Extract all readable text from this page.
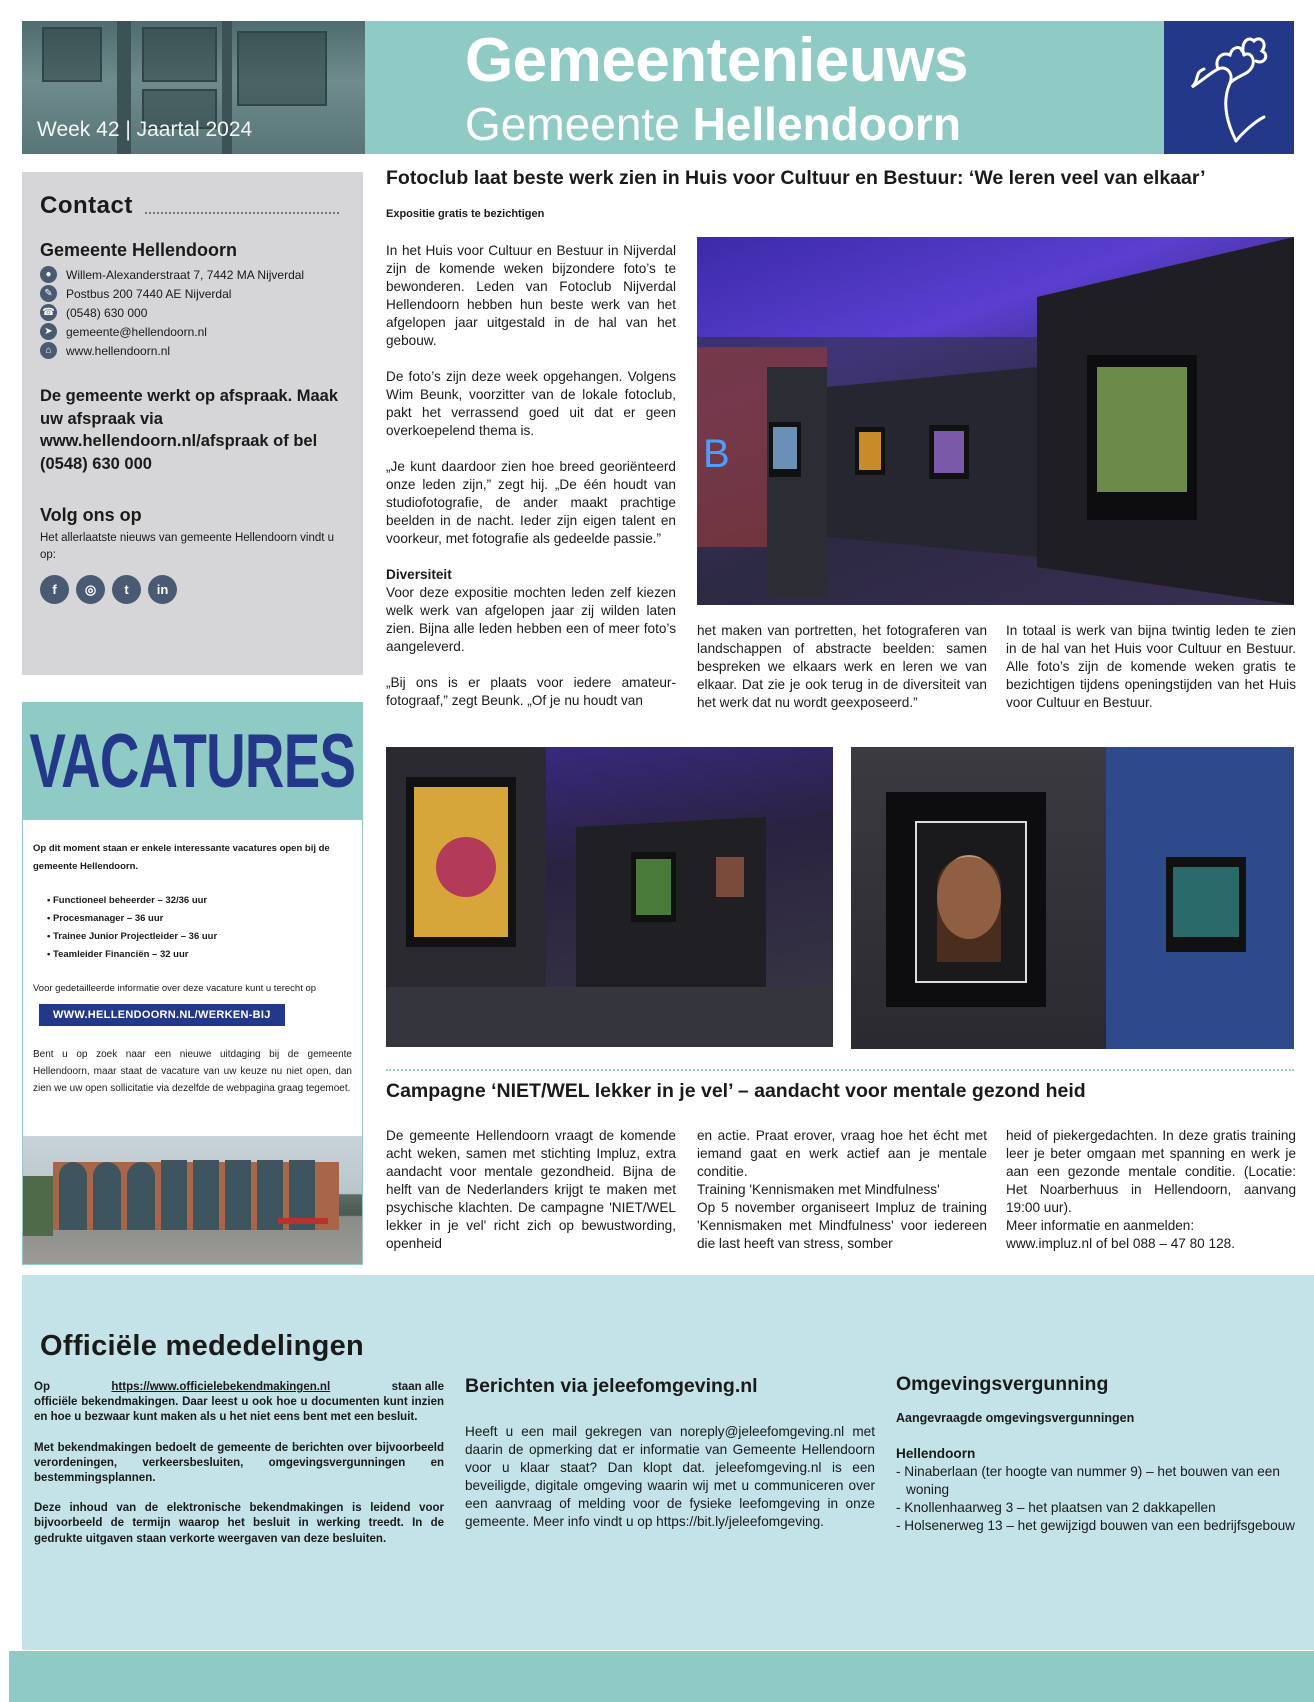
Week 42 | Jaartal 2024
Gemeentenieuws
Gemeente Hellendoorn
Contact
Gemeente Hellendoorn
●	Willem-Alexanderstraat 7, 7442 MA Nijverdal
✎	Postbus 200 7440 AE Nijverdal
☎ (0548) 630 000
➤	gemeente@hellendoorn.nl
⌂	www.hellendoorn.nl
De gemeente werkt op afspraak. Maak uw afspraak via www.hellendoorn.nl/afspraak of bel (0548) 630 000
Volg ons op
Het allerlaatste nieuws van gemeente Hellendoorn vindt u op:
f	◎	t	in
VACATURES
Op dit moment staan er enkele interessante vacatures open bij de gemeente Hellendoorn.
• Functioneel beheerder – 32/36 uur
• Procesmanager – 36 uur
• Trainee Junior Projectleider – 36 uur
• Teamleider Financiën – 32 uur
Voor gedetailleerde informatie over deze vacature kunt u terecht op
WWW.HELLENDOORN.NL/WERKEN-BIJ
Bent u op zoek naar een nieuwe uitdaging bij de gemeente Hellendoorn, maar staat de vacature van uw keuze nu niet open, dan zien we uw open sollicitatie via dezelfde de webpagina graag tegemoet.
Fotoclub laat beste werk zien in Huis voor Cultuur en Bestuur: ‘We leren veel van elkaar’
Expositie gratis te bezichtigen

In het Huis voor Cultuur en Bestuur in Nijverdal zijn de komende weken bijzondere foto’s te bewonderen. Leden van Fotoclub Nijverdal Hellendoorn hebben hun beste werk van het afgelopen jaar uitgestald in de hal van het gebouw.

De foto’s zijn deze week opgehangen. Volgens Wim Beunk, voorzitter van de lokale fotoclub, pakt het verrassend goed uit dat er geen overkoepelend thema is.

„Je kunt daardoor zien hoe breed georiënteerd onze leden zijn,” zegt hij. „De één houdt van studiofotografie, de ander maakt prachtige beelden in de nacht. Ieder zijn eigen talent en voorkeur, met fotografie als gedeelde passie.”

Diversiteit

Voor deze expositie mochten leden zelf kiezen welk werk van afgelopen jaar zij wilden laten zien. Bijna alle leden hebben een of meer foto’s aangeleverd.

„Bij ons is er plaats voor iedere amateurfotograaf,” zegt Beunk. „Of je nu houdt van

B

het maken van portretten, het fotograferen van landschappen of abstracte beelden: samen bespreken we elkaars werk en leren we van elkaar. Dat zie je ook terug in de diversiteit van het werk dat nu wordt geexposeerd.”

In totaal is werk van bijna twintig leden te zien in de hal van het Huis voor Cultuur en Bestuur. Alle foto’s zijn de komende weken gratis te bezichtigen tijdens openingstijden van het Huis voor Cultuur en Bestuur.

Campagne ‘NIET/WEL lekker in je vel’ – aandacht voor mentale gezond heid

De gemeente Hellendoorn vraagt de komende acht weken, samen met stichting Impluz, extra aandacht voor mentale gezondheid. Bijna de helft van de Nederlanders krijgt te maken met psychische klachten. De campagne 'NIET/WEL lekker in je vel' richt zich op bewustwording, openheid

en actie. Praat erover, vraag hoe het écht met iemand gaat en werk actief aan je mentale conditie.
Training 'Kennismaken met Mindfulness'
Op 5 november organiseert Impluz de training 'Kennismaken met Mindfulness' voor iedereen die last heeft van stress, somber
heid of piekergedachten. In deze gratis training leer je beter omgaan met spanning en werk je aan een gezonde mentale conditie. (Locatie: Het Noarberhuus in Hellendoorn, aanvang 19:00 uur).
Meer informatie en aanmelden:
www.impluz.nl of bel 088 – 47 80 128.
Officiële mededelingen

Op	https://www.officielebekendmakingen.nl	staan alle
officiële bekendmakingen. Daar leest u ook hoe u documenten kunt inzien en hoe u bezwaar kunt maken als u het niet eens bent met een besluit.

Met bekendmakingen bedoelt de gemeente de berichten over bijvoorbeeld verordeningen, verkeersbesluiten, omgevingsvergunningen en bestemmingsplannen.

Deze inhoud van de elektronische bekendmakingen is leidend voor bijvoorbeeld de termijn waarop het besluit in werking treedt. In de gedrukte uitgaven staan verkorte weergaven van deze besluiten.

Berichten via jeleefomgeving.nl
Heeft u een mail gekregen van noreply@jeleefomgeving.nl met daarin de opmerking dat er informatie van Gemeente Hellendoorn voor u klaar staat? Dan klopt dat. jeleefomgeving.nl is een beveiligde, digitale omgeving waarin wij met u communiceren over een aanvraag of melding voor de fysieke leefomgeving in onze gemeente. Meer info vindt u op https://bit.ly/jeleefomgeving.
Omgevingsvergunning
Aangevraagde omgevingsvergunningen
Hellendoorn
- Ninaberlaan (ter hoogte van nummer 9) – het bouwen van een woning
- Knollenhaarweg 3 – het plaatsen van 2 dakkapellen
- Holsenerweg 13 – het gewijzigd bouwen van een bedrijfsgebouw
